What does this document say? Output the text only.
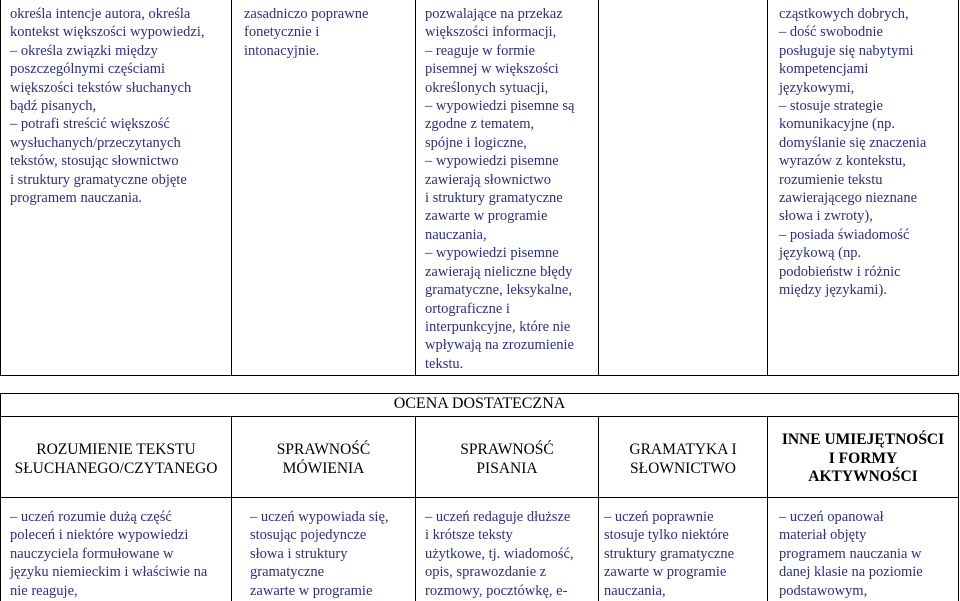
określa intencje autora, określa
kontekst większości wypowiedzi,
– określa związki między
poszczególnymi częściami
większości tekstów słuchanych
bądź pisanych,
– potrafi streścić większość
wysłuchanych/przeczytanych
tekstów, stosując słownictwo
i struktury gramatyczne objęte
programem nauczania.
zasadniczo poprawne
fonetycznie i
intonacyjnie.
pozwalające na przekaz
większości informacji,
– reaguje w formie
pisemnej w większości
określonych sytuacji,
– wypowiedzi pisemne są
zgodne z tematem,
spójne i logiczne,
– wypowiedzi pisemne
zawierają słownictwo
i struktury gramatyczne
zawarte w programie
nauczania,
– wypowiedzi pisemne
zawierają nieliczne błędy
gramatyczne, leksykalne,
ortograficzne i
interpunkcyjne, które nie
wpływają na zrozumienie
tekstu.
cząstkowych dobrych,
– dość swobodnie
posługuje się nabytymi
kompetencjami
językowymi,
– stosuje strategie
komunikacyjne (np.
domyślanie się znaczenia
wyrazów z kontekstu,
rozumienie tekstu
zawierającego nieznane
słowa i zwroty),
– posiada świadomość
językową (np.
podobieństw i różnic
między językami).
OCENA DOSTATECZNA
ROZUMIENIE TEKSTU
SŁUCHANEGO/CZYTANEGO
SPRAWNOŚĆ
MÓWIENIA
SPRAWNOŚĆ
PISANIA
GRAMATYKA I
SŁOWNICTWO
INNE UMIEJĘTNOŚCI
I FORMY
AKTYWNOŚCI
– uczeń rozumie dużą część
poleceń i niektóre wypowiedzi
nauczyciela formułowane w
języku niemieckim i właściwie na
nie reaguje,
– uczeń wypowiada się,
stosując pojedyncze
słowa i struktury
gramatyczne
zawarte w programie
– uczeń redaguje dłuższe
i krótsze teksty
użytkowe, tj. wiadomość,
opis, sprawozdanie z
rozmowy, pocztówkę, e-
– uczeń poprawnie
stosuje tylko niektóre
struktury gramatyczne
zawarte w programie
nauczania,
– uczeń opanował
materiał objęty
programem nauczania w
danej klasie na poziomie
podstawowym,
